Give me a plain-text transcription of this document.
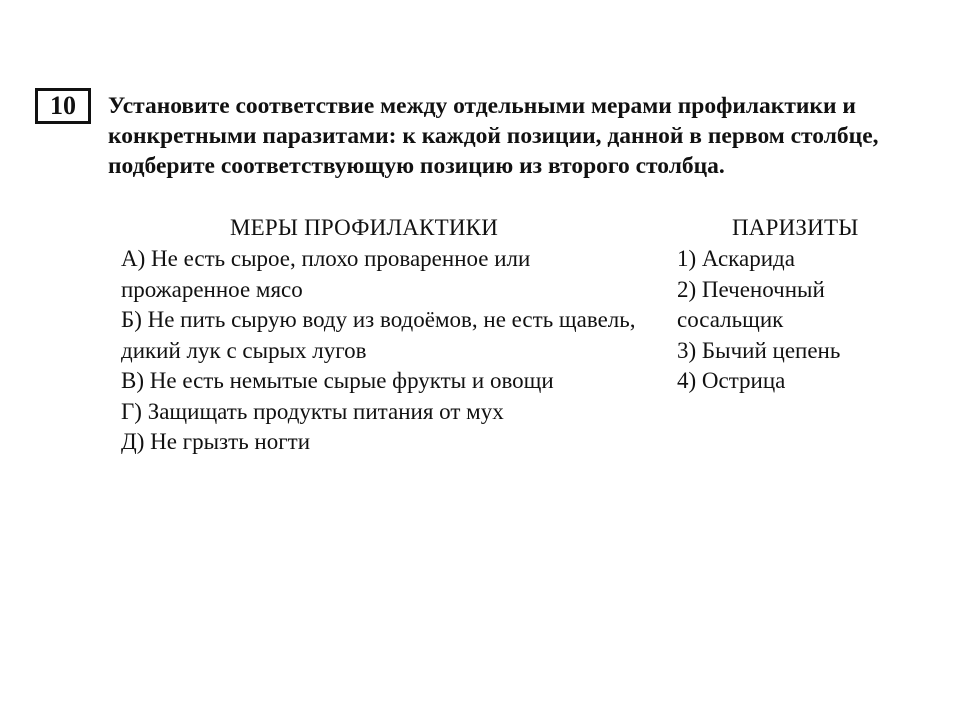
10	Установите соответствие между отдельными мерами профилактики и конкретными паразитами: к каждой позиции, данной в первом столбце, подберите соответствующую позицию из второго столбца.

МЕРЫ ПРОФИЛАКТИКИ	ПАРИЗИТЫ
А) Не есть сырое, плохо проваренное или прожаренное мясо
Б) Не пить сырую воду из водоёмов, не есть щавель, дикий лук с сырых лугов
В) Не есть немытые сырые фрукты и овощи
Г) Защищать продукты питания от мух
Д) Не грызть ногти
1) Аскарида
2) Печеночный сосальщик
3) Бычий цепень
4) Острица
